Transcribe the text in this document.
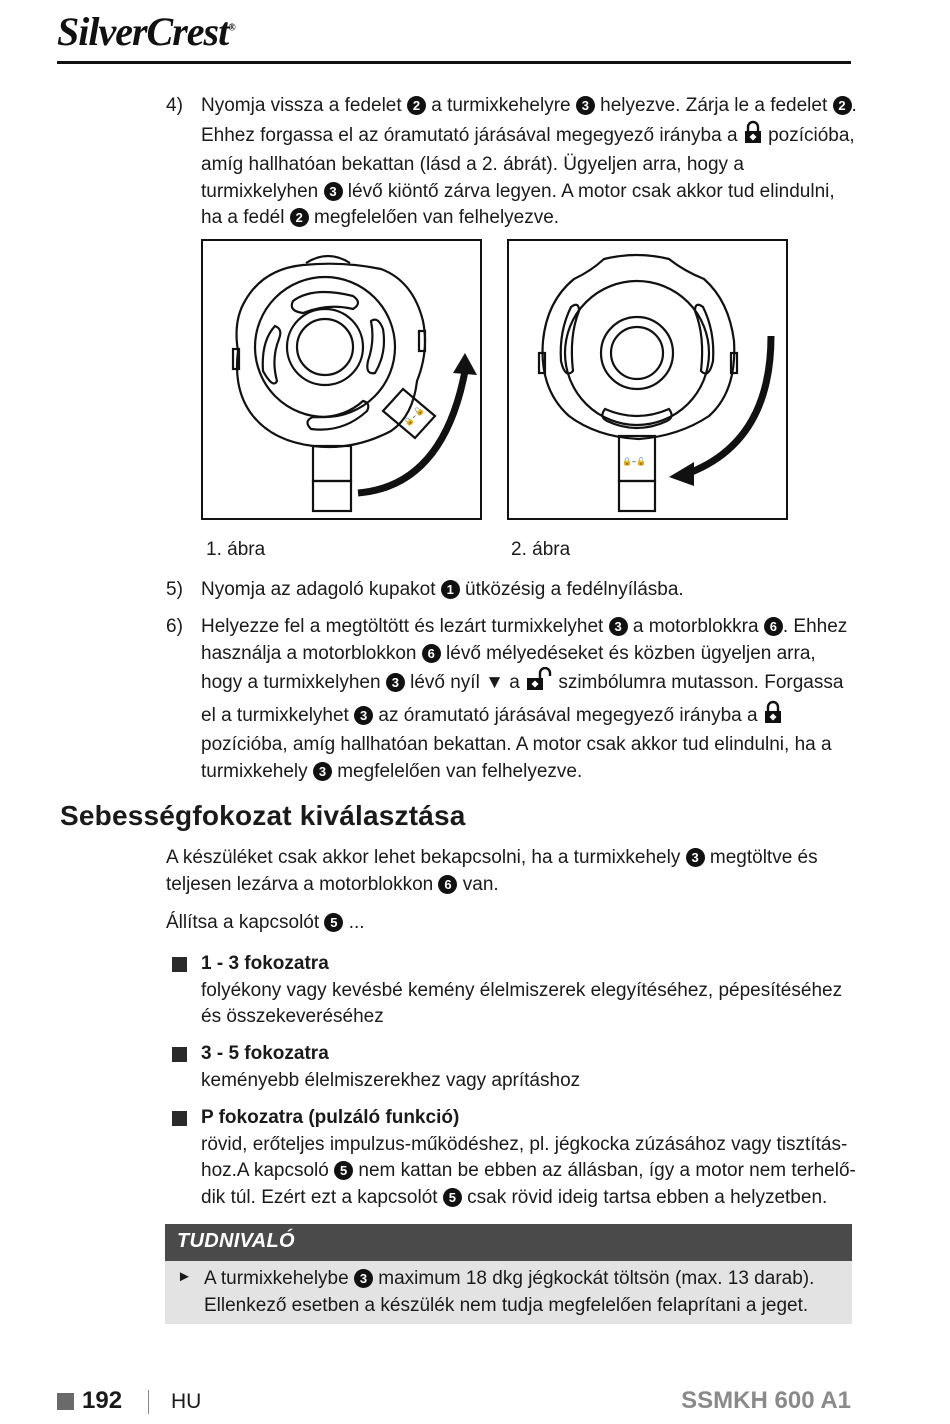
SilverCrest®
4) Nyomja vissza a fedelet 2 a turmixkehelyre 3 helyezve. Zárja le a fedelet 2 . Ehhez forgassa el az óramutató járásával megegyező irányba a pozícióba, amíg hallhatóan bekattan (lásd a 2. ábrát). Ügyeljen arra, hogy a turmixkelyhen 3 lévő kiöntő zárva legyen. A motor csak akkor tud elindulni, ha a fedél 2 megfelelően van felhelyezve.
🔒–🔓
1. ábra
🔒–🔓
2. ábra
5) Nyomja az adagoló kupakot 1 ütközésig a fedélnyílásba.
6) Helyezze fel a megtöltött és lezárt turmixkelyhet 3 a motorblokkra 6 . Ehhez használja a motorblokkon 6 lévő mélyedéseket és közben ügyeljen arra, hogy a turmixkelyhen 3 lévő nyíl ▼ a szimbólumra mutasson. Forgassa el a turmixkelyhet 3 az óramutató járásával megegyező irányba a  pozícióba, amíg hallhatóan bekattan. A motor csak akkor tud elindulni, ha a turmixkehely 3 megfelelően van felhelyezve.
Sebességfokozat kiválasztása
A készüléket csak akkor lehet bekapcsolni, ha a turmixkehely 3 megtöltve és teljesen lezárva a motorblokkon 6 van.
Állítsa a kapcsolót 5 ...
1 - 3 fokozatra
folyékony vagy kevésbé kemény élelmiszerek elegyítéséhez, pépesítéséhez és összekeveréséhez
3 - 5 fokozatra
keményebb élelmiszerekhez vagy aprításhoz
P fokozatra (pulzáló funkció)
rövid, erőteljes impulzus-működéshez, pl. jégkocka zúzásához vagy tisztítás-hoz.A kapcsoló 5 nem kattan be ebben az állásban, így a motor nem terhelő-dik túl. Ezért ezt a kapcsolót 5 csak rövid ideig tartsa ebben a helyzetben.
TUDNIVALÓ
► A turmixkehelybe 3 maximum 18 dkg jégkockát töltsön (max. 13 darab). Ellenkező esetben a készülék nem tudja megfelelően felaprítani a jeget.
192 HU	SSMKH 600 A1
